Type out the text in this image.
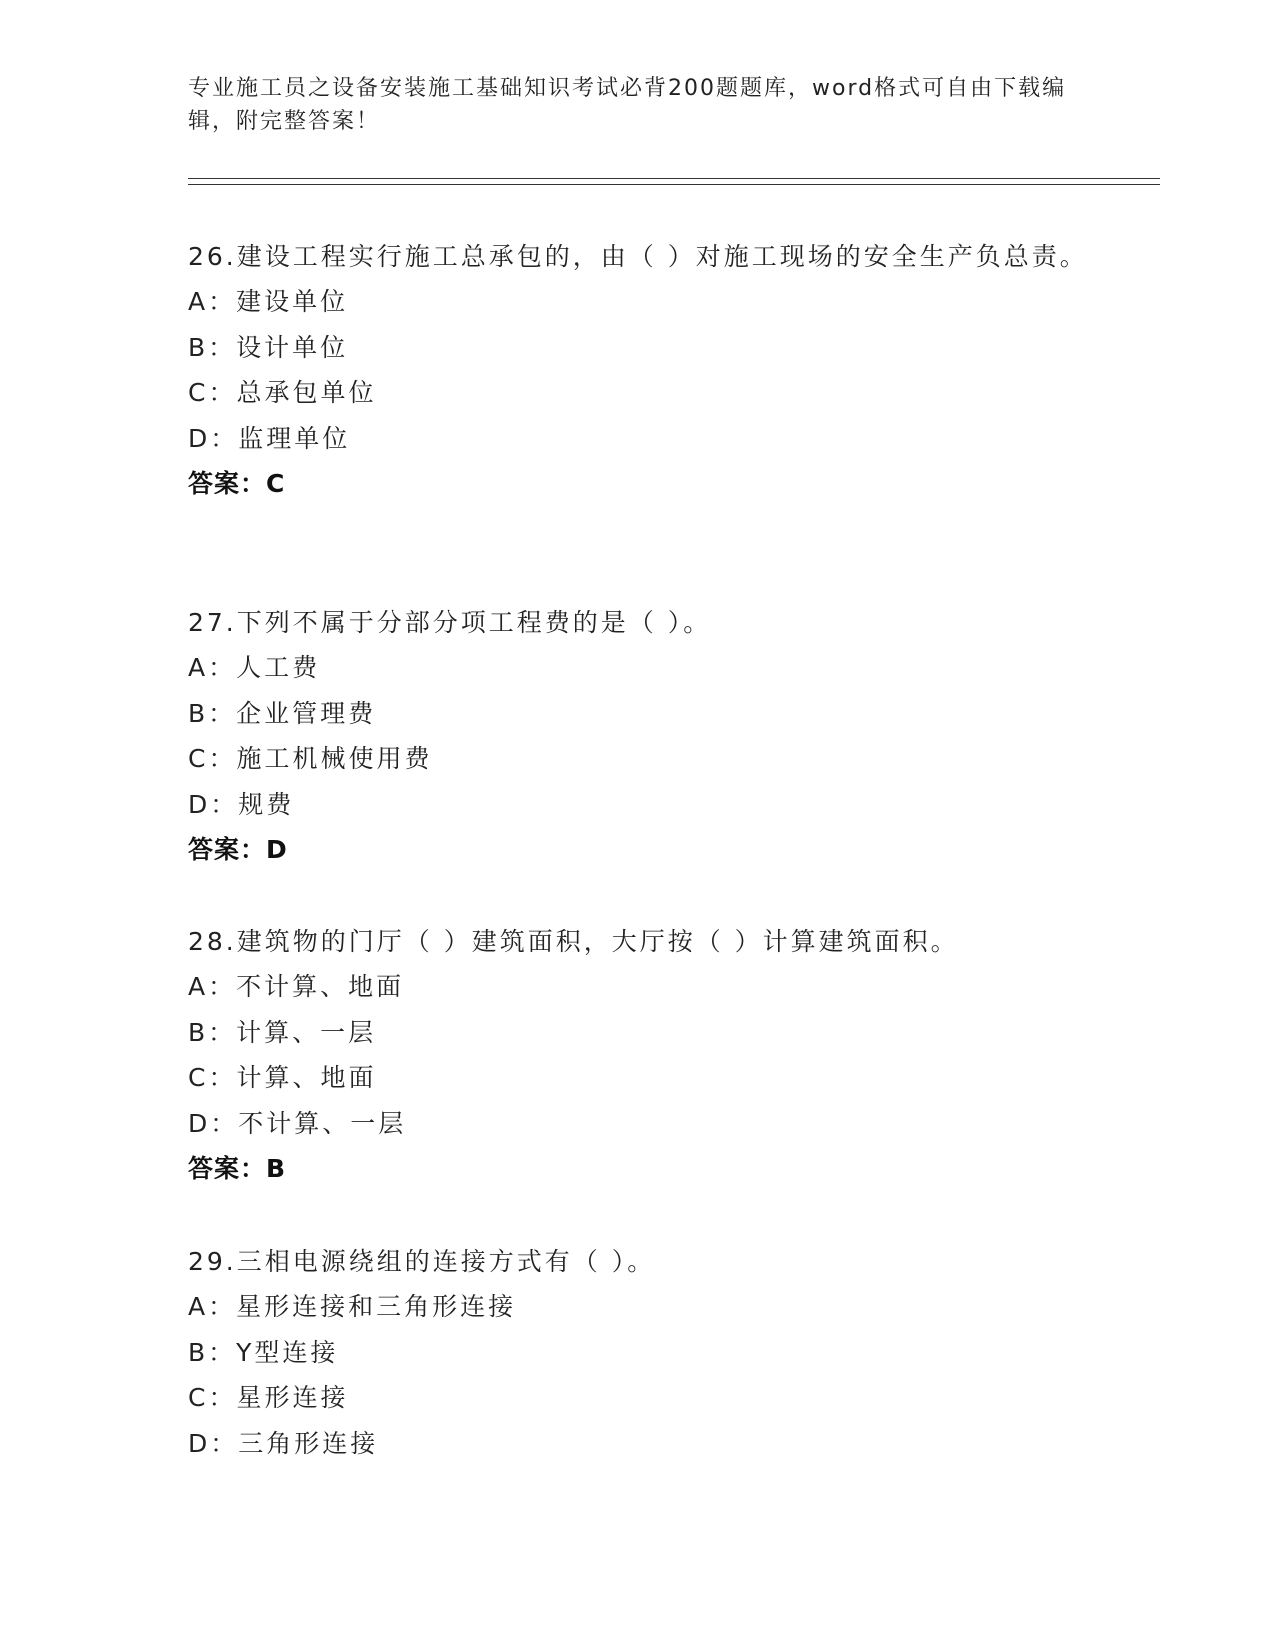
专业施工员之设备安装施工基础知识考试必背200题题库，word格式可自由下载编辑，附完整答案！
26.建设工程实行施工总承包的，由（ ）对施工现场的安全生产负总责。
A：建设单位
B：设计单位
C：总承包单位
D：监理单位
答案：C
27.下列不属于分部分项工程费的是（ ）。
A：人工费
B：企业管理费
C：施工机械使用费
D：规费
答案：D
28.建筑物的门厅（ ）建筑面积，大厅按（ ）计算建筑面积。
A：不计算、地面
B：计算、一层
C：计算、地面
D：不计算、一层
答案：B
29.三相电源绕组的连接方式有（ ）。
A：星形连接和三角形连接
B：Y型连接
C：星形连接
D：三角形连接
